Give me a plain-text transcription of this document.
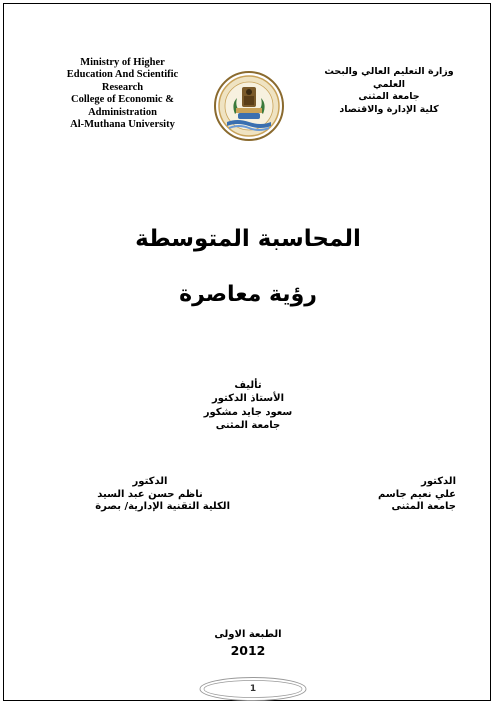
Ministry of Higher
Education And Scientific
Research
College of Economic &
Administration
Al-Muthana University
وزارة التعليم العالي والبحث
العلمي
جامعة المثنى
كلية الإدارة والاقتصاد
المحاسبة المتوسطة
رؤية معاصرة
تأليف
الأستاذ الدكتور
سعود جايد مشكور
جامعة المثنى
الدكتور
علي نعيم جاسم
جامعة المثنى
الدكتور
ناظم حسن عبد السيد
الكلية التقنية الإدارية/ بصرة
الطبعة الاولى
2012
1
